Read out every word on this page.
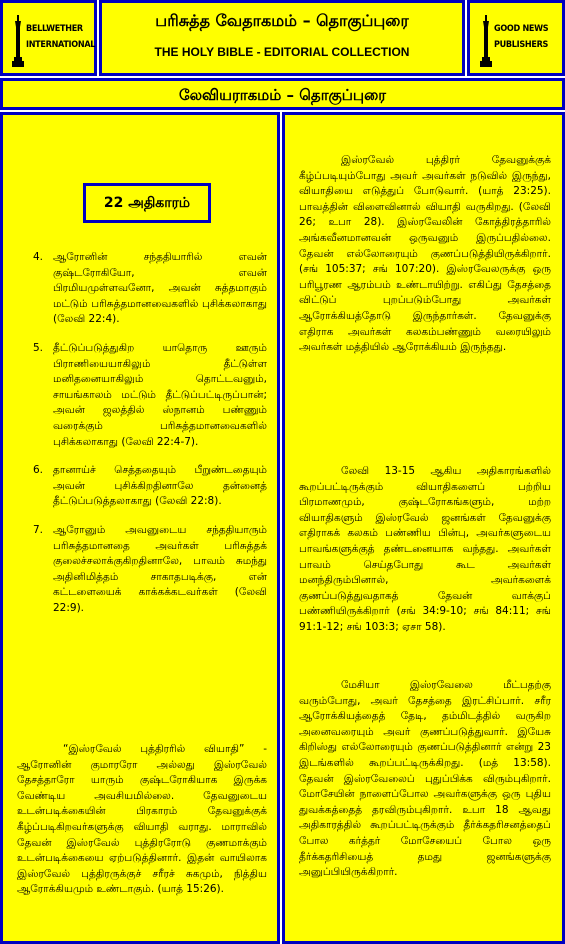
BELLWETHER
INTERNATIONAL
பரிசுத்த வேதாகமம் – தொகுப்புரை
THE HOLY BIBLE - EDITORIAL COLLECTION
GOOD NEWS
PUBLISHERS
லேவியராகமம் – தொகுப்புரை
22 அதிகாரம்
4. ஆரோனின் சந்ததியாரில் எவன் குஷ்டரோகியோ, எவன் பிரமியமுள்ளவனோ, அவன் சுத்தமாகும் மட்டும் பரிசுத்தமானவைகளில் புசிக்கலாகாது (லேவி 22:4).
5. தீட்டுப்படுத்துகிற யாதொரு ஊரும் பிராணியையாகிலும் தீட்டுள்ள மனிதனையாகிலும் தொட்டவனும், சாயங்காலம் மட்டும் தீட்டுப்பட்டிருப்பான்; அவன் ஜலத்தில் ஸ்நானம் பண்ணும் வரைக்கும் பரிசுத்தமானவைகளில் புசிக்கலாகாது (லேவி 22:4-7).
6. தானாய்ச் செத்ததையும் பீறுண்டதையும் அவன் புசிக்கிறதினாலே தன்னைத் தீட்டுப்படுத்தலாகாது (லேவி 22:8).
7. ஆரோனும் அவனுடைய சந்ததியாரும் பரிசுத்தமானதை அவர்கள் பரிசுத்தக் குலைச்சலாக்குகிறதினாலே, பாவம் சுமந்து அதினிமித்தம் சாகாதபடிக்கு, என் கட்டளையைக் காக்கக்கடவர்கள் (லேவி 22:9).

“இஸ்ரவேல் புத்திரரில் வியாதி” - ஆரோனின் குமாரரோ அல்லது இஸ்ரவேல் தேசத்தாரோ யாரும் குஷ்டரோகியாக இருக்க வேண்டிய அவசியமில்லை. தேவனுடைய உடன்படிக்கையின் பிரகாரம் தேவனுக்குக் கீழ்ப்படிகிறவர்களுக்கு வியாதி வராது. மாராவில் தேவன் இஸ்ரவேல் புத்திரரோடு குணமாக்கும் உடன்படிக்கையை ஏற்படுத்தினார். இதன் வாயிலாக இஸ்ரவேல் புத்திரருக்குச் சரீரச் சுகமும், நித்திய ஆரோக்கியமும் உண்டாகும். (யாத் 15:26).

இஸ்ரவேல் புத்திரர் தேவனுக்குக் கீழ்ப்படியும்போது அவர் அவர்கள் நடுவில் இருந்து, வியாதியை எடுத்துப் போடுவார். (யாத் 23:25). பாவத்தின் விளைவினால் வியாதி வருகிறது. (லேவி 26; உபா 28). இஸ்ரவேலின் கோத்திரத்தாரில் அங்கவீனமானவன் ஒருவனும் இருப்பதில்லை. தேவன் எல்லோரையும் குணப்படுத்தியிருக்கிறார். (சங் 105:37; சங் 107:20). இஸ்ரவேலருக்கு ஒரு பரிபூரண ஆரம்பம் உண்டாயிற்று. எகிப்து தேசத்தை விட்டுப் புறப்படும்போது அவர்கள் ஆரோக்கியத்தோடு இருந்தார்கள். தேவனுக்கு எதிராக அவர்கள் கலகம்பண்ணும் வரையிலும் அவர்கள் மத்தியில் ஆரோக்கியம் இருந்தது.

லேவி 13-15 ஆகிய அதிகாரங்களில் கூறப்பட்டிருக்கும் வியாதிகளைப் பற்றிய பிரமாணமும், குஷ்டரோகங்களும், மற்ற வியாதிகளும் இஸ்ரவேல் ஜனங்கள் தேவனுக்கு எதிராகக் கலகம் பண்ணிய பின்பு, அவர்களுடைய பாவங்களுக்குத் தண்டனையாக வந்தது. அவர்கள் பாவம் செய்தபோது கூட அவர்கள் மனந்திரும்பினால், அவர்களைக் குணப்படுத்துவதாகத் தேவன் வாக்குப் பண்ணியிருக்கிறார் (சங் 34:9-10; சங் 84:11; சங் 91:1-12; சங் 103:3; ஏசா 58).

மேசியா இஸ்ரவேலை மீட்பதற்கு வரும்போது, அவர் தேசத்தை இரட்சிப்பார். சரீர ஆரோக்கியத்தைத் தேடி, தம்மிடத்தில் வருகிற அனைவரையும் அவர் குணப்படுத்துவார். இயேசு கிறிஸ்து எல்லோரையும் குணப்படுத்தினார் என்று 23 இடங்களில் கூறப்பட்டிருக்கிறது. (மத் 13:58). தேவன் இஸ்ரவேலைப் புதுப்பிக்க விரும்புகிறார். மோசேயின் நாளைப்போல அவர்களுக்கு ஒரு புதிய துவக்கத்தைத் தரவிரும்புகிறார். உபா 18 ஆவது அதிகாரத்தில் கூறப்பட்டிருக்கும் தீர்க்கதரிசனத்தைப் போல கர்த்தர் மோசேயைப் போல ஒரு தீர்க்கதரிசியைத் தமது ஜனங்களுக்கு அனுப்பியிருக்கிறார்.
